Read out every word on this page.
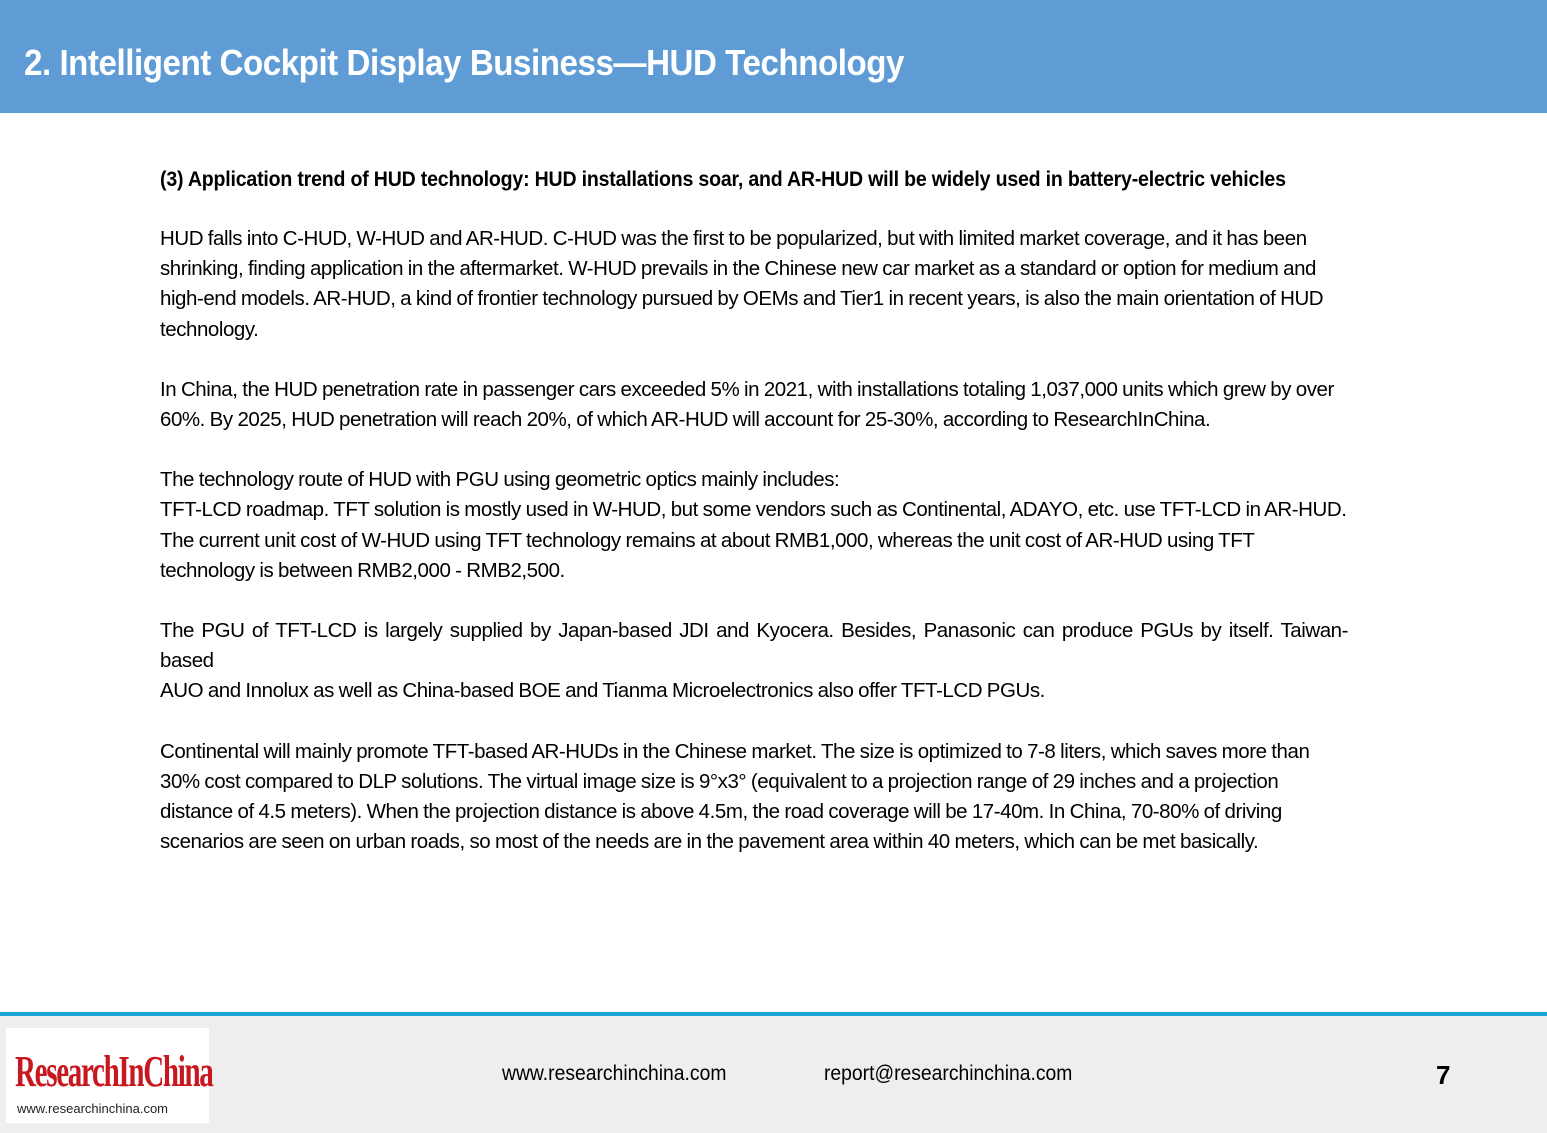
2. Intelligent Cockpit Display Business—HUD Technology
(3) Application trend of HUD technology: HUD installations soar, and AR-HUD will be widely used in battery-electric vehicles

HUD falls into C-HUD, W-HUD and AR-HUD. C-HUD was the first to be popularized, but with limited market coverage, and it has been
shrinking, finding application in the aftermarket. W-HUD prevails in the Chinese new car market as a standard or option for medium and
high-end models. AR-HUD, a kind of frontier technology pursued by OEMs and Tier1 in recent years, is also the main orientation of HUD
technology.

In China, the HUD penetration rate in passenger cars exceeded 5% in 2021, with installations totaling 1,037,000 units which grew by over
60%. By 2025, HUD penetration will reach 20%, of which AR-HUD will account for 25-30%, according to ResearchInChina.

The technology route of HUD with PGU using geometric optics mainly includes:
TFT-LCD roadmap. TFT solution is mostly used in W-HUD, but some vendors such as Continental, ADAYO, etc. use TFT-LCD in AR-HUD.
The current unit cost of W-HUD using TFT technology remains at about RMB1,000, whereas the unit cost of AR-HUD using TFT
technology is between RMB2,000 - RMB2,500.

The PGU of TFT-LCD is largely supplied by Japan-based JDI and Kyocera. Besides, Panasonic can produce PGUs by itself. Taiwan-based
AUO and Innolux as well as China-based BOE and Tianma Microelectronics also offer TFT-LCD PGUs.

Continental will mainly promote TFT-based AR-HUDs in the Chinese market. The size is optimized to 7-8 liters, which saves more than
30% cost compared to DLP solutions. The virtual image size is 9°x3° (equivalent to a projection range of 29 inches and a projection
distance of 4.5 meters). When the projection distance is above 4.5m, the road coverage will be 17-40m. In China, 70-80% of driving
scenarios are seen on urban roads, so most of the needs are in the pavement area within 40 meters, which can be met basically.

ResearchInChina
www.researchinchina.com
www.researchinchina.com	report@researchinchina.com	7
